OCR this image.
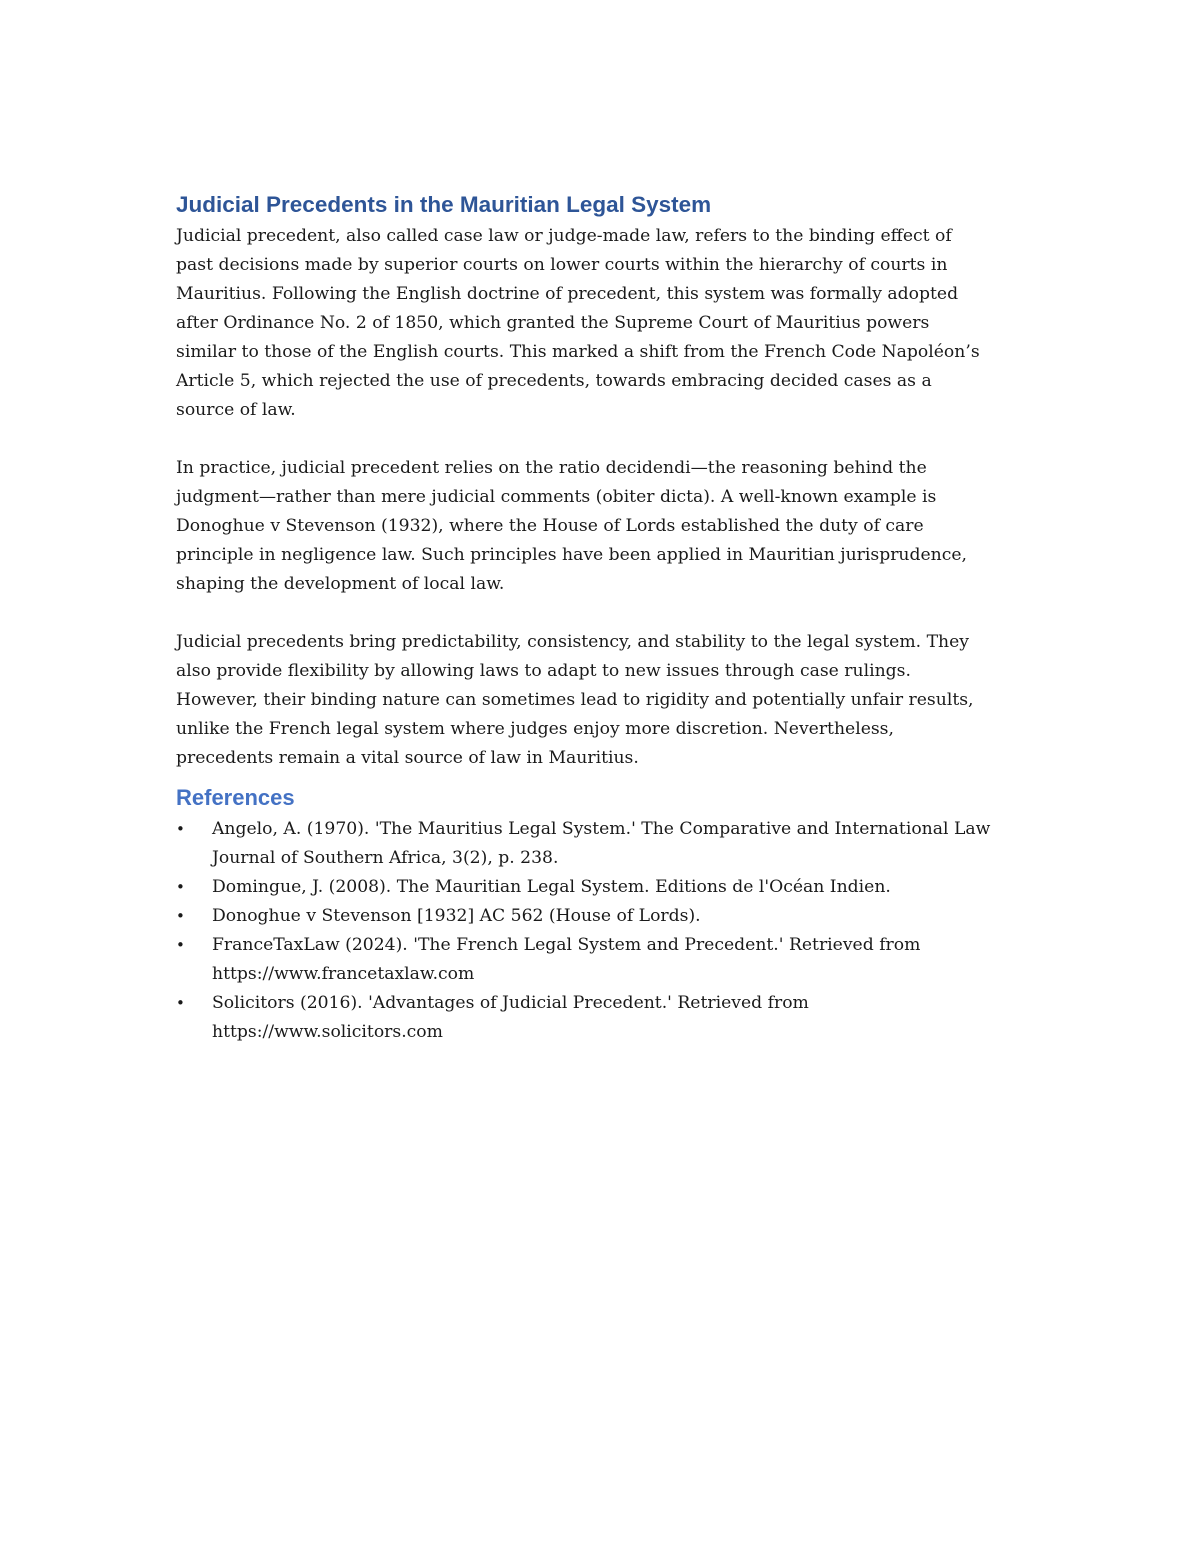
Judicial Precedents in the Mauritian Legal System

Judicial precedent, also called case law or judge-made law, refers to the binding effect of
past decisions made by superior courts on lower courts within the hierarchy of courts in
Mauritius. Following the English doctrine of precedent, this system was formally adopted
after Ordinance No. 2 of 1850, which granted the Supreme Court of Mauritius powers
similar to those of the English courts. This marked a shift from the French Code Napoléon’s
Article 5, which rejected the use of precedents, towards embracing decided cases as a
source of law.

In practice, judicial precedent relies on the ratio decidendi—the reasoning behind the
judgment—rather than mere judicial comments (obiter dicta). A well-known example is
Donoghue v Stevenson (1932), where the House of Lords established the duty of care
principle in negligence law. Such principles have been applied in Mauritian jurisprudence,
shaping the development of local law.

Judicial precedents bring predictability, consistency, and stability to the legal system. They
also provide flexibility by allowing laws to adapt to new issues through case rulings.
However, their binding nature can sometimes lead to rigidity and potentially unfair results,
unlike the French legal system where judges enjoy more discretion. Nevertheless,
precedents remain a vital source of law in Mauritius.

References
• Angelo, A. (1970). 'The Mauritius Legal System.' The Comparative and International Law
Journal of Southern Africa, 3(2), p. 238.
• Domingue, J. (2008). The Mauritian Legal System. Editions de l'Océan Indien.
• Donoghue v Stevenson [1932] AC 562 (House of Lords).
• FranceTaxLaw (2024). 'The French Legal System and Precedent.' Retrieved from
https://www.francetaxlaw.com
• Solicitors (2016). 'Advantages of Judicial Precedent.' Retrieved from
https://www.solicitors.com
